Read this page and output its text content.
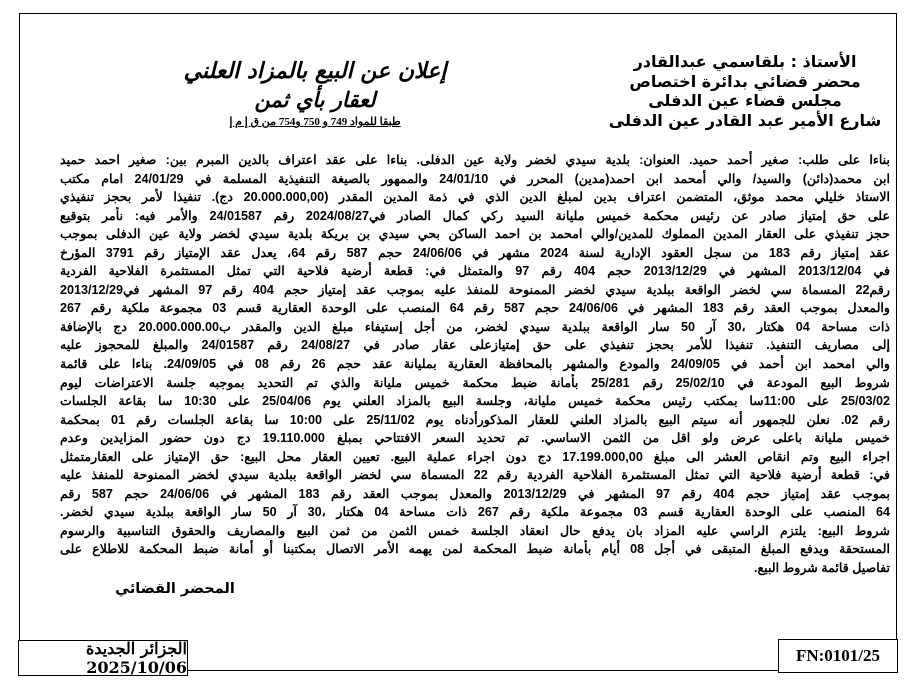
الأستاذ : بلقاسمي عبدالقادر
محضر قضائي بدائرة اختصاص
مجلس قضاء عين الدفلى
شارع الأمير عبد القادر عين الدفلى
إعلان عن البيع بالمزاد العلني
لعقار بأي ثمن
طبقا للمواد 749 و 750 و754 من ق إ م إ
بناءا على طلب: صغير أحمد حميد. العنوان: بلدية سيدي لخضر ولاية عين الدفلى. بناءا على عقد اعتراف بالدين المبرم بين: صغير احمد حميد
ابن محمد(دائن) والسيد/ والي أمحمد ابن احمد(مدين) المحرر في 24/01/10 والممهور بالصيغة التنفيذية المسلمة في 24/01/29 امام مكتب
الاستاذ خليلي محمد موثق، المتضمن اعتراف بدين لمبلغ الدين الذي في ذمة المدين المقدر (20.000.000,00 دج). تنفيذا لأمر بحجز تنفيذي
على حق إمتياز صادر عن رئيس محكمة خميس مليانة السيد ركي كمال الصادر في2024/08/27 رقم 24/01587 والأمر فيه: نأمر بتوقيع
حجز تنفيذي على العقار المدين المملوك للمدين/والي امحمد بن احمد الساكن بحي سيدي بن بريكة بلدية سيدي لخضر ولاية عين الدفلى بموجب
عقد إمتياز رقم 183 من سجل العقود الإدارية لسنة 2024 مشهر في 24/06/06 حجم 587 رقم 64، يعدل عقد الإمتياز رقم 3791 المؤرخ
في 2013/12/04 المشهر في 2013/12/29 حجم 404 رقم 97 والمتمثل في: قطعة أرضية فلاحية التي تمثل المستثمرة الفلاحية الفردية
رقم22 المسماة سي لخضر الواقعة ببلدية سيدي لخضر الممنوحة للمنفذ عليه بموجب عقد إمتياز حجم 404 رقم 97 المشهر في2013/12/29
والمعدل بموجب العقد رقم 183 المشهر في 24/06/06 حجم 587 رقم 64 المنصب على الوحدة العقارية قسم 03 مجموعة ملكية رقم 267
ذات مساحة 04 هكتار ،30 آر 50 سار الواقعة ببلدية سيدي لخضر، من أجل إستيفاء مبلغ الدين والمقدر ب20.000.000.00 دج بالإضافة
إلى مصاريف التنفيذ. تنفيذا للأمر بحجز تنفيذي على حق إمتيازعلى عقار صادر في 24/08/27 رقم 24/01587 والمبلغ للمحجوز عليه
والي امحمد ابن أحمد في 24/09/05 والمودع والمشهر بالمحافظة العقارية بمليانة عقد حجم 26 رقم 08 في 24/09/05. بناءا على قائمة
شروط البيع المودعة في 25/02/10 رقم 25/281 بأمانة ضبط محكمة خميس مليانة والذي تم التحديد بموجبه جلسة الاعتراضات ليوم
25/03/02 على 11:00سا بمكتب رئيس محكمة خميس مليانة، وجلسة البيع بالمزاد العلني يوم 25/04/06 على 10:30 سا بقاعة الجلسات
رقم 02. نعلن للجمهور أنه سيتم البيع بالمزاد العلني للعقار المذكورأدناه يوم 25/11/02 على 10:00 سا بقاعة الجلسات رقم 01 بمحكمة
خميس مليانة باعلى عرض ولو اقل من الثمن الاساسي. تم تحديد السعر الافتتاحي بمبلغ 19.110.000 دج دون حضور المزايدين وعدم
اجراء البيع وتم انقاص العشر الى مبلغ 17.199.000,00 دج دون اجراء عملية البيع. تعيين العقار محل البيع: حق الإمتياز على العقارمتمثل
في: قطعة أرضية فلاحية التي تمثل المستثمرة الفلاحية الفردية رقم 22 المسماة سي لخضر الواقعة ببلدية سيدي لخضر الممنوحة للمنفذ عليه
بموجب عقد إمتياز حجم 404 رقم 97 المشهر في 2013/12/29 والمعدل بموجب العقد رقم 183 المشهر في 24/06/06 حجم 587 رقم
64 المنصب على الوحدة العقارية قسم 03 مجموعة ملكية رقم 267 ذات مساحة 04 هكتار ،30 آر 50 سار الواقعة ببلدية سيدي لخضر.
شروط البيع: يلتزم الراسي عليه المزاد بان يدفع حال انعقاد الجلسة خمس الثمن من ثمن البيع والمصاريف والحقوق التناسبية والرسوم
المستحقة ويدفع المبلغ المتبقى في أجل 08 أيام بأمانة ضبط المحكمة لمن يهمه الأمر الاتصال بمكتبنا أو أمانة ضبط المحكمة للاطلاع على
تفاصيل قائمة شروط البيع.
المحضر القضائي
الجزائر الجديدة 2025/10/06
FN:0101/25
